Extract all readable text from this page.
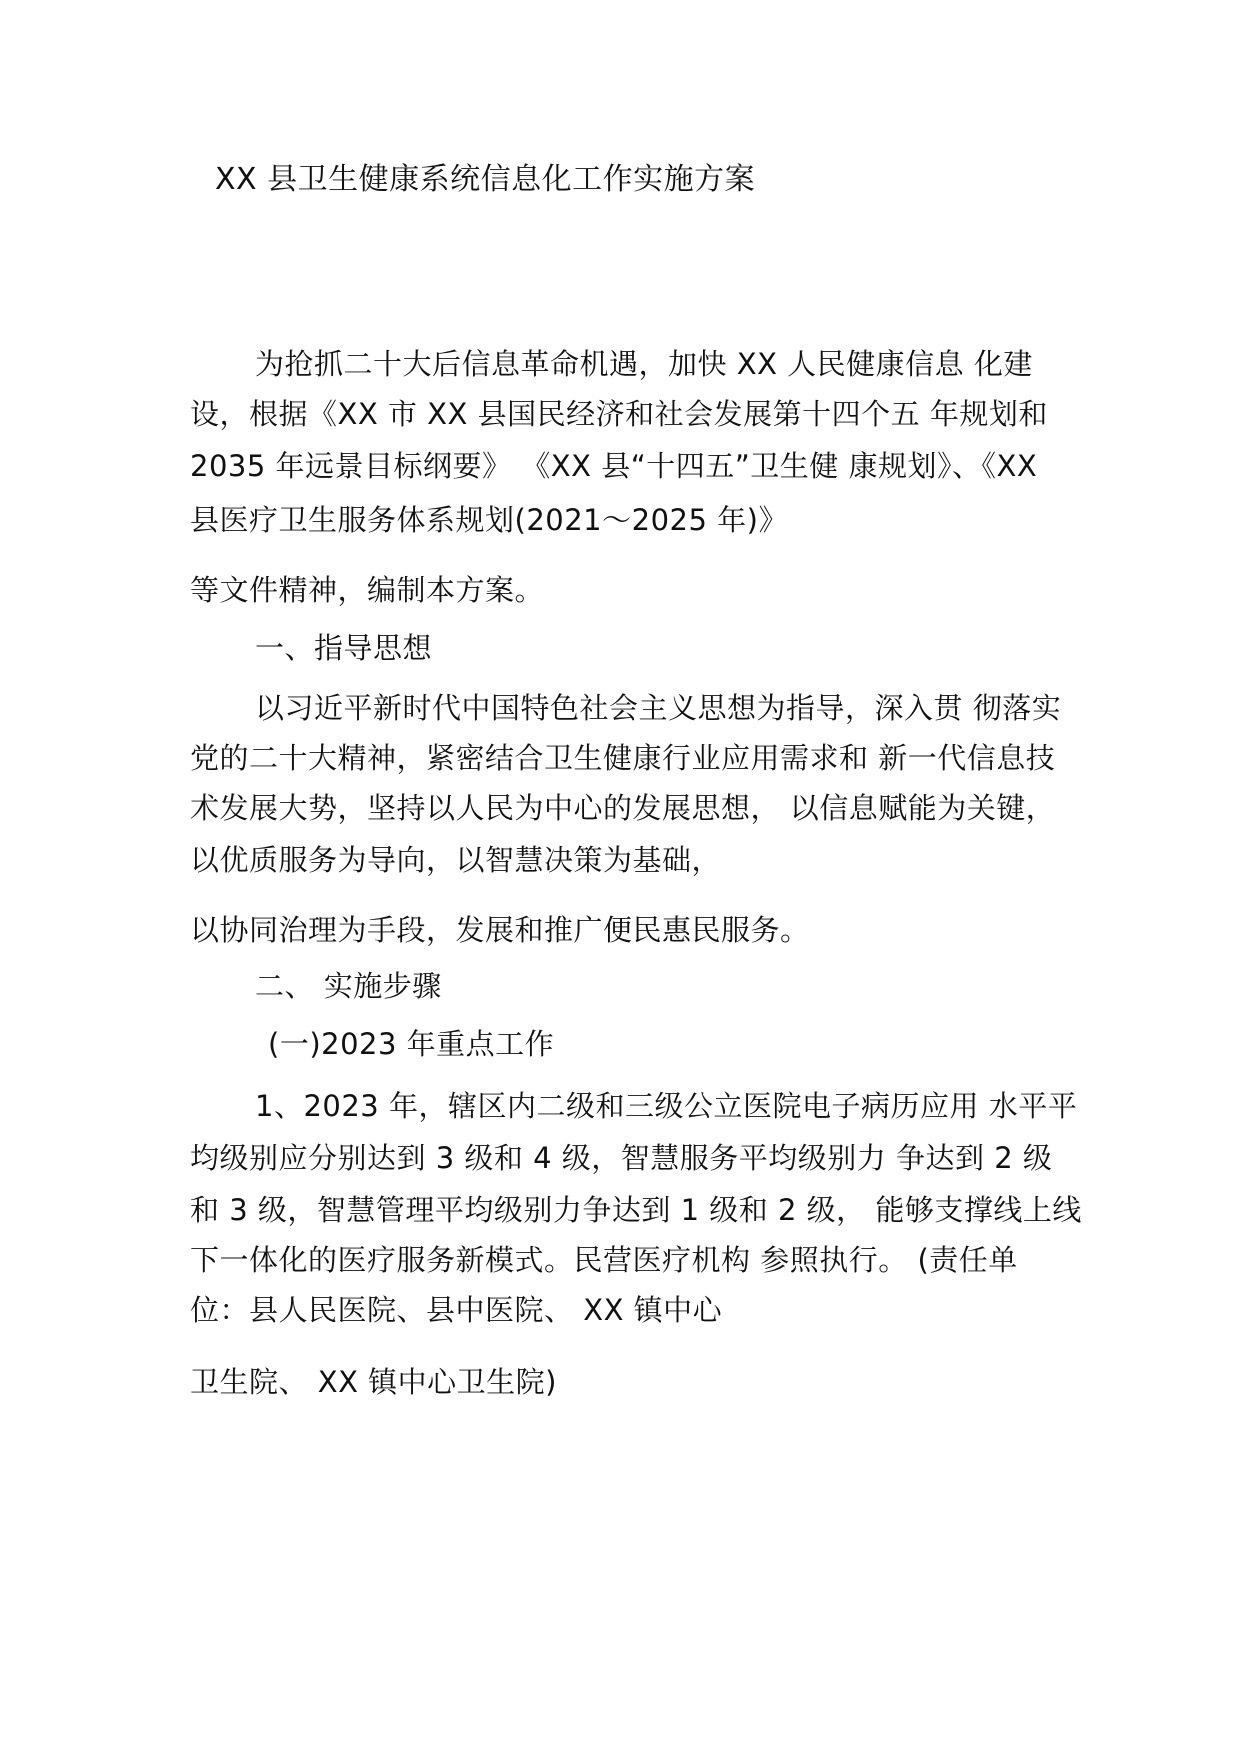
XX 县卫生健康系统信息化工作实施方案
为抢抓二十大后信息革命机遇，加快 XX 人民健康信息 化建
设，根据《XX 市 XX 县国民经济和社会发展第十四个五 年规划和
2035 年远景目标纲要》 《XX 县“十四五”卫生健 康规划》、《XX
县医疗卫生服务体系规划(2021～2025 年)》
等文件精神，编制本方案。
一、指导思想
以习近平新时代中国特色社会主义思想为指导，深入贯 彻落实
党的二十大精神，紧密结合卫生健康行业应用需求和 新一代信息技
术发展大势，坚持以人民为中心的发展思想， 以信息赋能为关键，
以优质服务为导向，以智慧决策为基础，
以协同治理为手段，发展和推广便民惠民服务。
二、 实施步骤
(一)2023 年重点工作
1、2023 年，辖区内二级和三级公立医院电子病历应用 水平平
均级别应分别达到 3 级和 4 级，智慧服务平均级别力 争达到 2 级
和 3 级，智慧管理平均级别力争达到 1 级和 2 级， 能够支撑线上线
下一体化的医疗服务新模式。民营医疗机构 参照执行。 (责任单
位：县人民医院、县中医院、 XX 镇中心
卫生院、 XX 镇中心卫生院)
